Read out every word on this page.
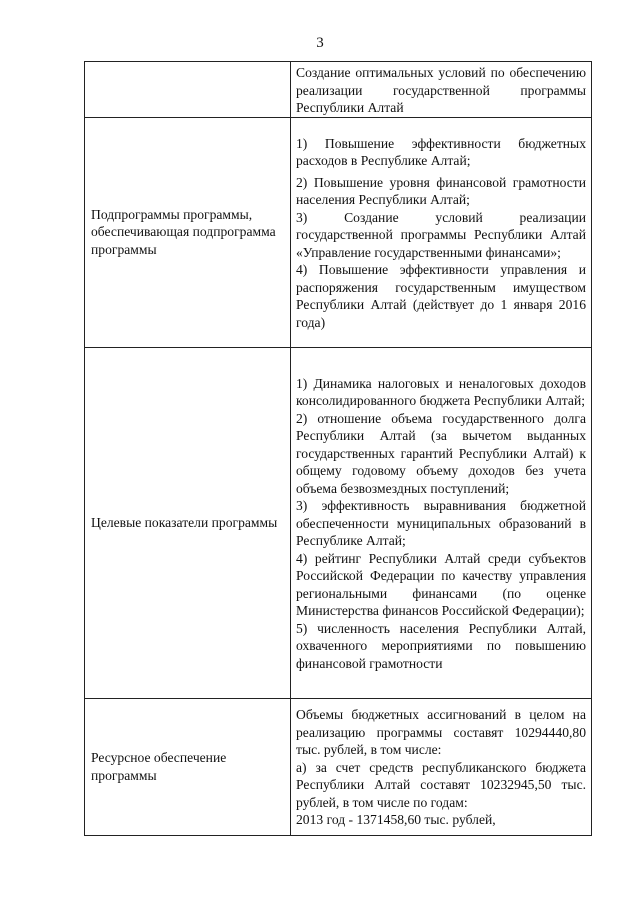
3

	Создание оптимальных условий по обеспечению реализации государственной программы Республики Алтай

Подпрограммы программы, обеспечивающая подпрограмма программы	1) Повышение эффективности бюджетных расходов в Республике Алтай;

2) Повышение уровня финансовой грамотности населения Республики Алтай;

3) Создание условий реализации государственной программы Республики Алтай «Управление государственными финансами»;

4) Повышение эффективности управления и распоряжения государственным имуществом Республики Алтай (действует до 1 января 2016 года)

Целевые показатели программы	1) Динамика налоговых и неналоговых доходов консолидированного бюджета Республики Алтай;

2) отношение объема государственного долга Республики Алтай (за вычетом выданных государственных гарантий Республики Алтай) к общему годовому объему доходов без учета объема безвозмездных поступлений;

3) эффективность выравнивания бюджетной обеспеченности муниципальных образований в Республике Алтай;

4) рейтинг Республики Алтай среди субъектов Российской Федерации по качеству управления региональными финансами (по оценке Министерства финансов Российской Федерации);

5) численность населения Республики Алтай, охваченного мероприятиями по повышению финансовой грамотности

Ресурсное обеспечение программы	Объемы бюджетных ассигнований в целом на реализацию программы составят 10294440,80 тыс. рублей, в том числе:

а) за счет средств республиканского бюджета Республики Алтай составят 10232945,50 тыс. рублей, в том числе по годам:

2013 год - 1371458,60 тыс. рублей,
